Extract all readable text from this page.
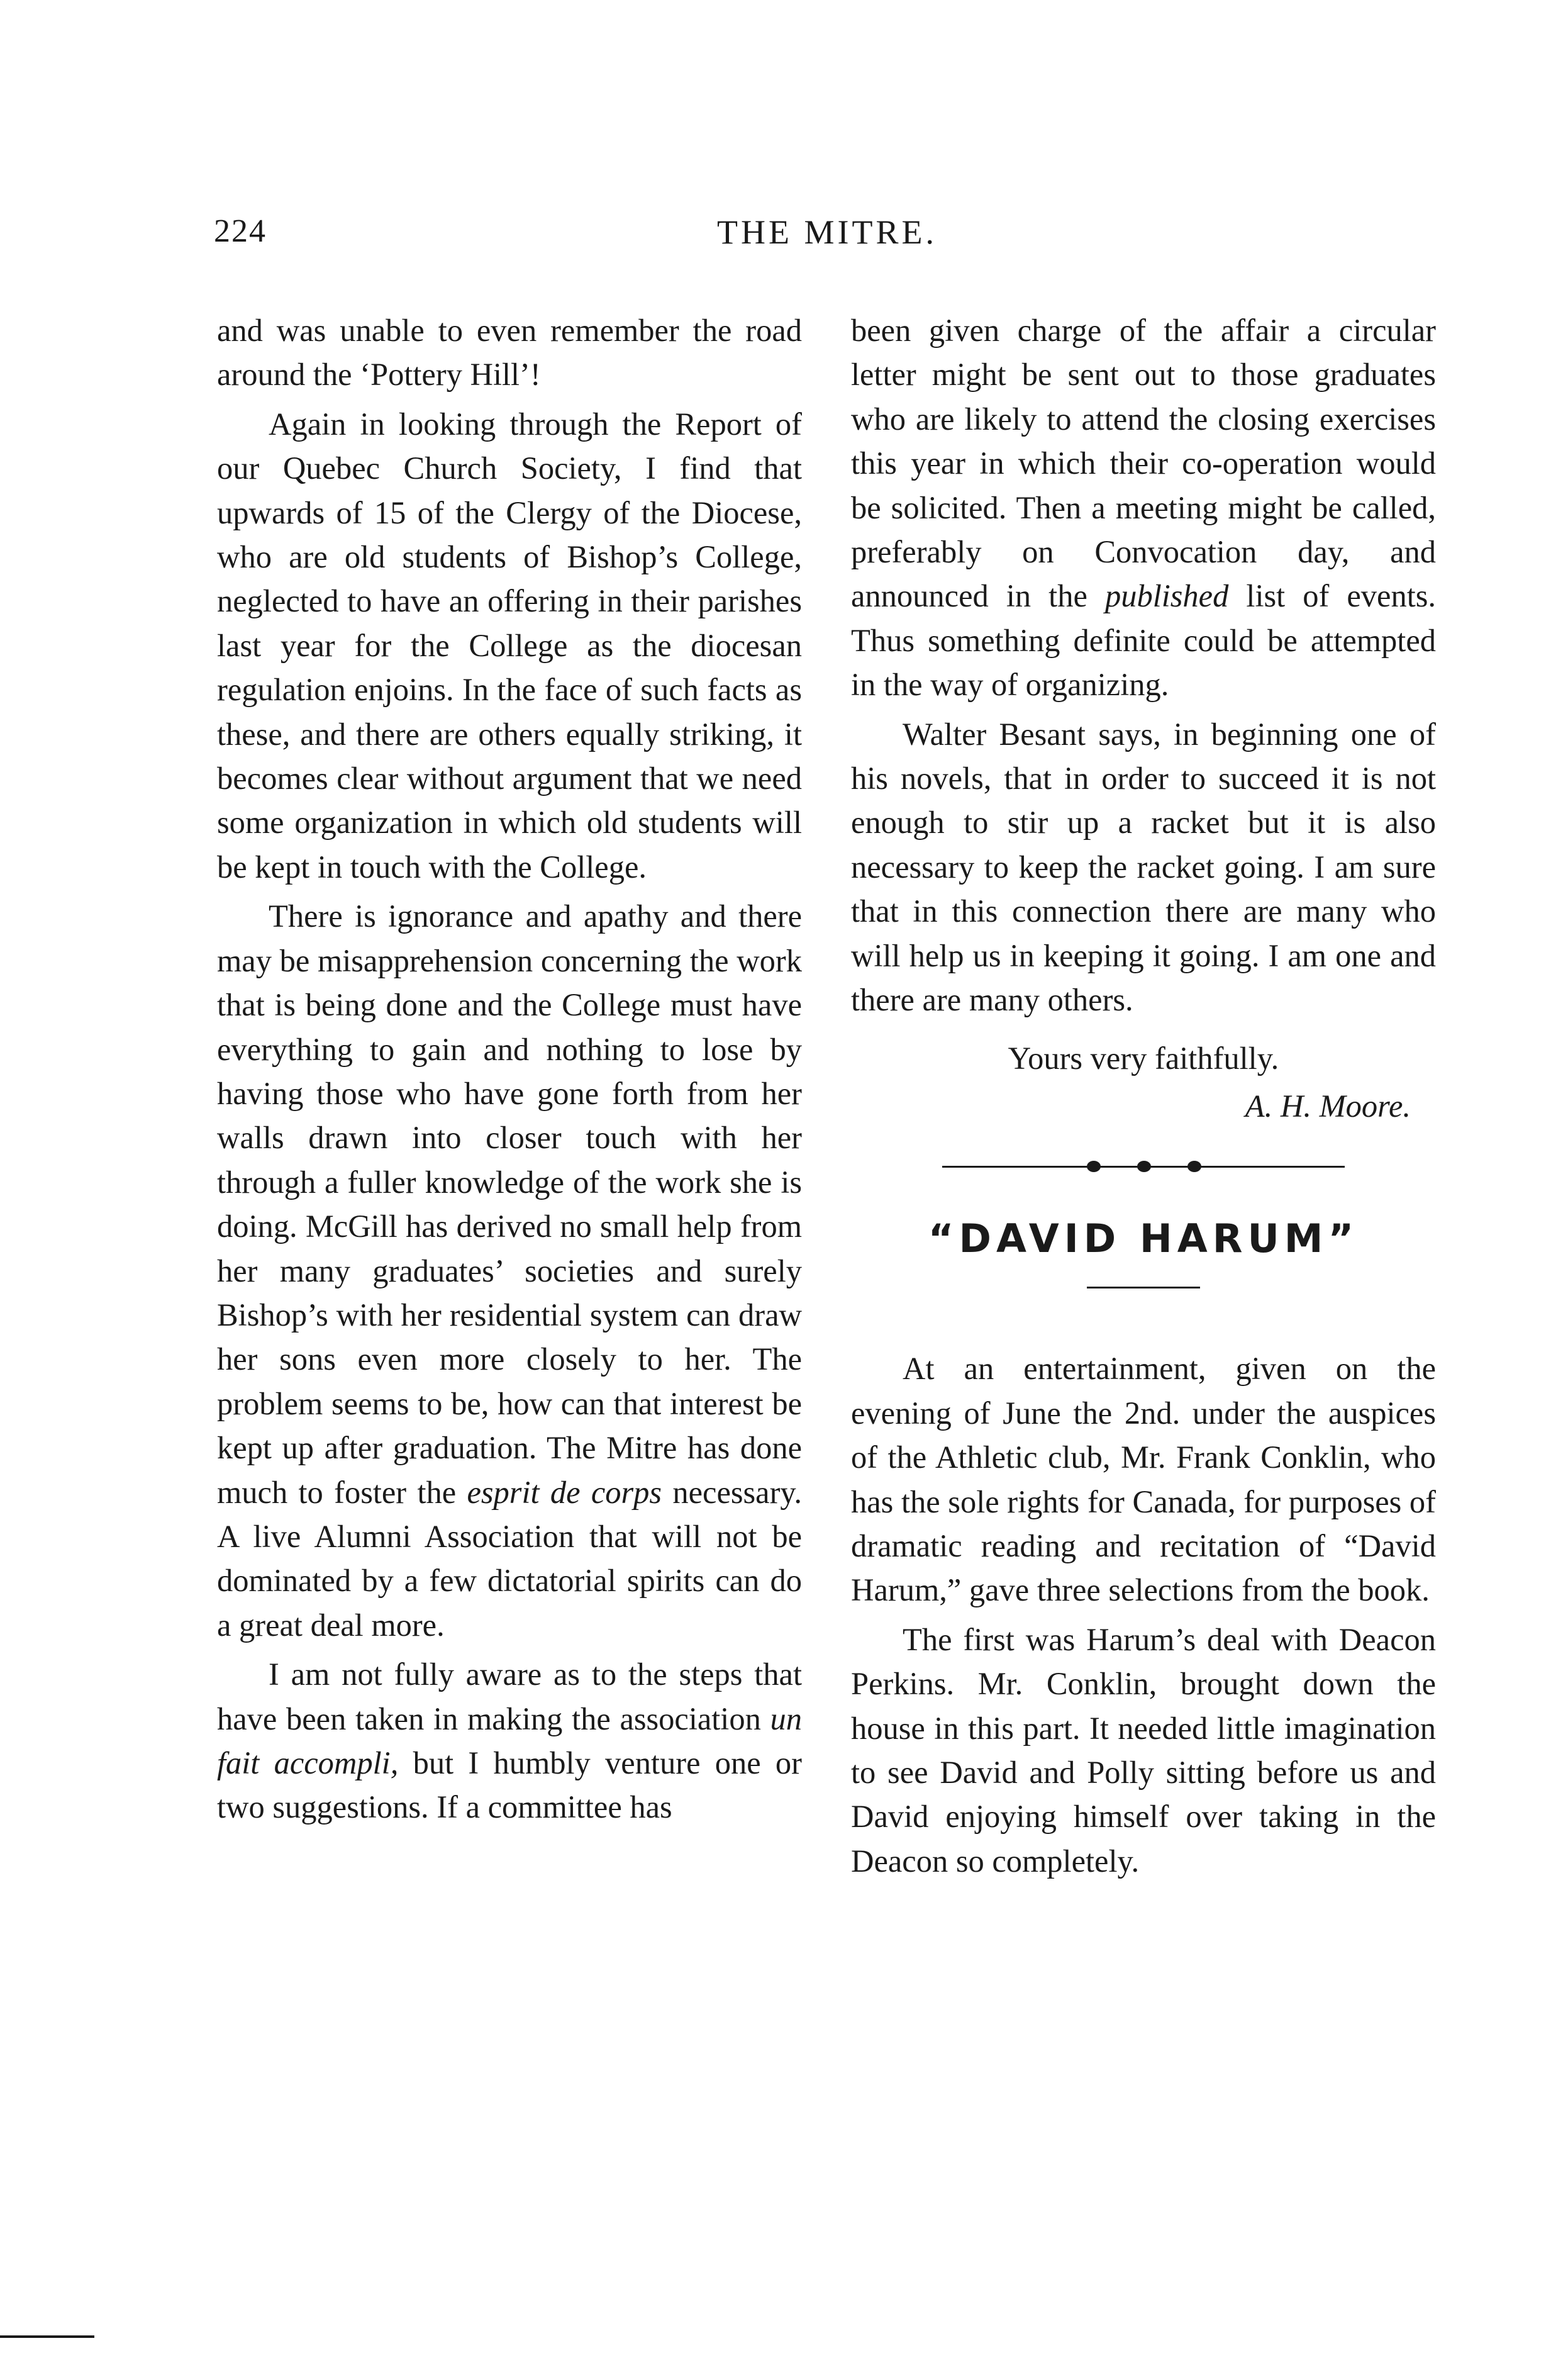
224	THE MITRE.

and was unable to even remember the road around the ‘Pottery Hill’!

Again in looking through the Report of our Quebec Church Society, I find that upwards of 15 of the Clergy of the Diocese, who are old students of Bishop’s College, neglected to have an offering in their parishes last year for the College as the diocesan regulation enjoins. In the face of such facts as these, and there are others equally striking, it becomes clear without argument that we need some organization in which old students will be kept in touch with the College.

There is ignorance and apathy and there may be misapprehension concerning the work that is being done and the College must have everything to gain and nothing to lose by having those who have gone forth from her walls drawn into closer touch with her through a fuller knowledge of the work she is doing. McGill has derived no small help from her many graduates’ societies and surely Bishop’s with her residential system can draw her sons even more closely to her. The problem seems to be, how can that interest be kept up after graduation. The Mitre has done much to foster the esprit de corps necessary. A live Alumni Association that will not be dominated by a few dictatorial spirits can do a great deal more.

I am not fully aware as to the steps that have been taken in making the association un fait accompli, but I humbly venture one or two suggestions. If a committee has

been given charge of the affair a circular letter might be sent out to those graduates who are likely to attend the closing exercises this year in which their co-operation would be solicited. Then a meeting might be called, preferably on Convocation day, and announced in the published list of events. Thus something definite could be attempted in the way of organizing.

Walter Besant says, in beginning one of his novels, that in order to succeed it is not enough to stir up a racket but it is also necessary to keep the racket going. I am sure that in this connection there are many who will help us in keeping it going. I am one and there are many others.

Yours very faithfully.

A. H. Moore.

“DAVID HARUM”

At an entertainment, given on the evening of June the 2nd. under the auspices of the Athletic club, Mr. Frank Conklin, who has the sole rights for Canada, for purposes of dramatic reading and recitation of “David Harum,” gave three selections from the book.

The first was Harum’s deal with Deacon Perkins. Mr. Conklin, brought down the house in this part. It needed little imagination to see David and Polly sitting before us and David enjoying himself over taking in the Deacon so completely.
